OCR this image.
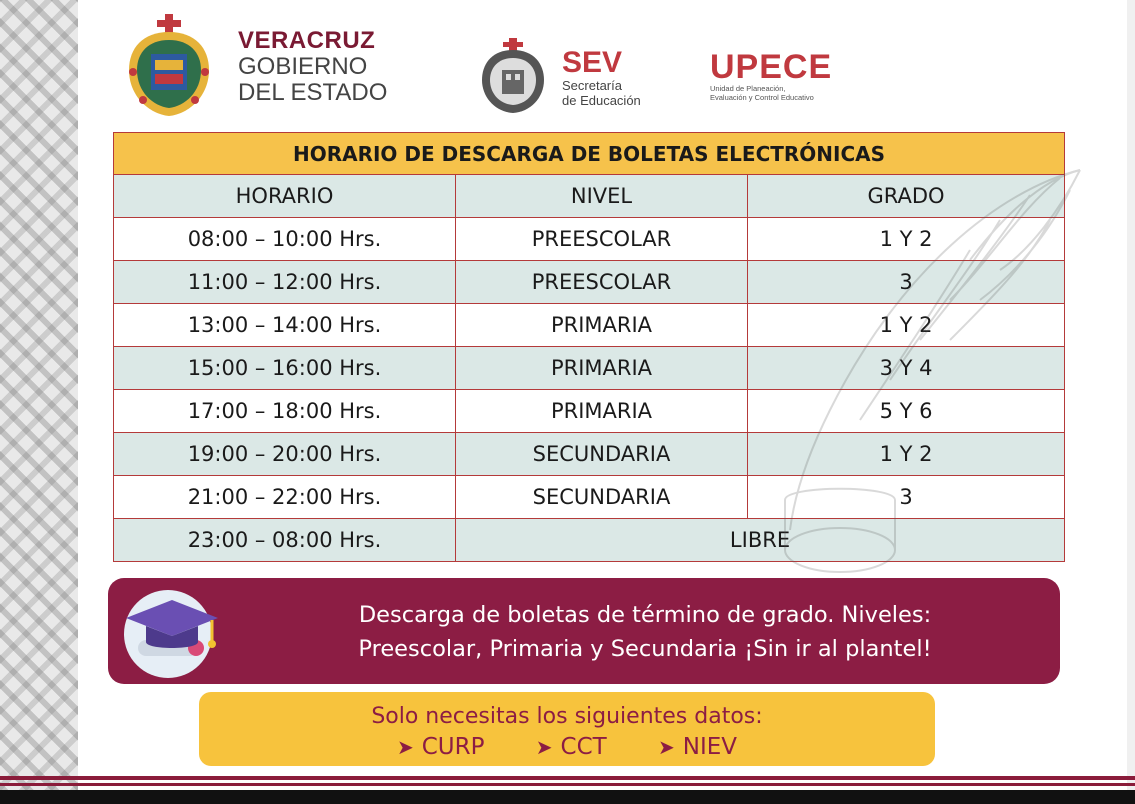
VERACRUZ
GOBIERNO
DEL ESTADO
SEV
Secretaría
de Educación
UPECE
Unidad de Planeación,
Evaluación y Control Educativo
HORARIO DE DESCARGA DE BOLETAS ELECTRÓNICAS		
HORARIO	NIVEL	GRADO
08:00 – 10:00 Hrs.	PREESCOLAR	1 Y 2
11:00 – 12:00 Hrs.	PREESCOLAR	3
13:00 – 14:00 Hrs.	PRIMARIA	1 Y 2
15:00 – 16:00 Hrs.	PRIMARIA	3 Y 4
17:00 – 18:00 Hrs.	PRIMARIA	5 Y 6
19:00 – 20:00 Hrs.	SECUNDARIA	1 Y 2
21:00 – 22:00 Hrs.	SECUNDARIA	3
23:00 – 08:00 Hrs.	LIBRE	
Descarga de boletas de término de grado. Niveles:
Preescolar, Primaria y Secundaria ¡Sin ir al plantel!
Solo necesitas los siguientes datos:
➤ CURP	➤ CCT	➤ NIEV
